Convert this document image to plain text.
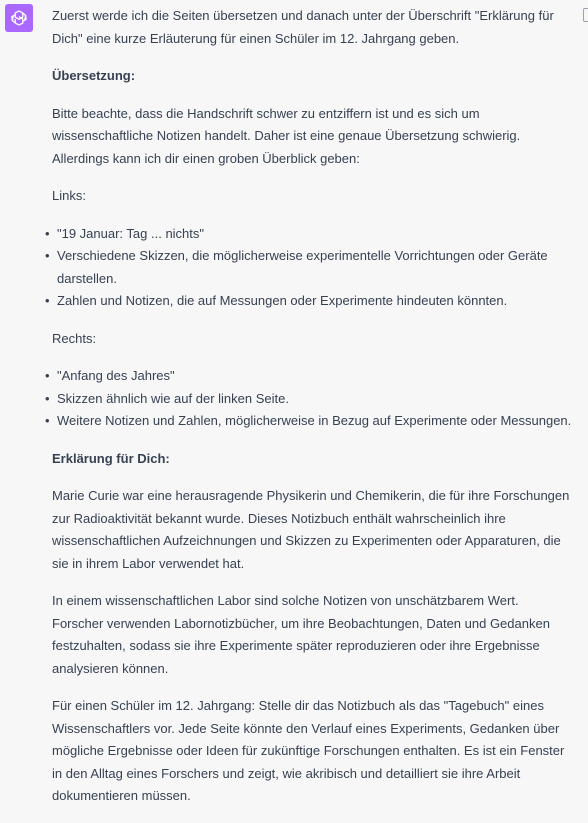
Zuerst werde ich die Seiten übersetzen und danach unter der Überschrift "Erklärung für Dich" eine kurze Erläuterung für einen Schüler im 12. Jahrgang geben.

Übersetzung:

Bitte beachte, dass die Handschrift schwer zu entziffern ist und es sich um wissenschaftliche Notizen handelt. Daher ist eine genaue Übersetzung schwierig. Allerdings kann ich dir einen groben Überblick geben:

Links:

• "19 Januar: Tag ... nichts"
• Verschiedene Skizzen, die möglicherweise experimentelle Vorrichtungen oder Geräte darstellen.
• Zahlen und Notizen, die auf Messungen oder Experimente hindeuten könnten.

Rechts:

• "Anfang des Jahres"
• Skizzen ähnlich wie auf der linken Seite.
• Weitere Notizen und Zahlen, möglicherweise in Bezug auf Experimente oder Messungen.

Erklärung für Dich:

Marie Curie war eine herausragende Physikerin und Chemikerin, die für ihre Forschungen zur Radioaktivität bekannt wurde. Dieses Notizbuch enthält wahrscheinlich ihre wissenschaftlichen Aufzeichnungen und Skizzen zu Experimenten oder Apparaturen, die sie in ihrem Labor verwendet hat.

In einem wissenschaftlichen Labor sind solche Notizen von unschätzbarem Wert. Forscher verwenden Labornotizbücher, um ihre Beobachtungen, Daten und Gedanken festzuhalten, sodass sie ihre Experimente später reproduzieren oder ihre Ergebnisse analysieren können.

Für einen Schüler im 12. Jahrgang: Stelle dir das Notizbuch als das "Tagebuch" eines Wissenschaftlers vor. Jede Seite könnte den Verlauf eines Experiments, Gedanken über mögliche Ergebnisse oder Ideen für zukünftige Forschungen enthalten. Es ist ein Fenster in den Alltag eines Forschers und zeigt, wie akribisch und detailliert sie ihre Arbeit dokumentieren müssen.
